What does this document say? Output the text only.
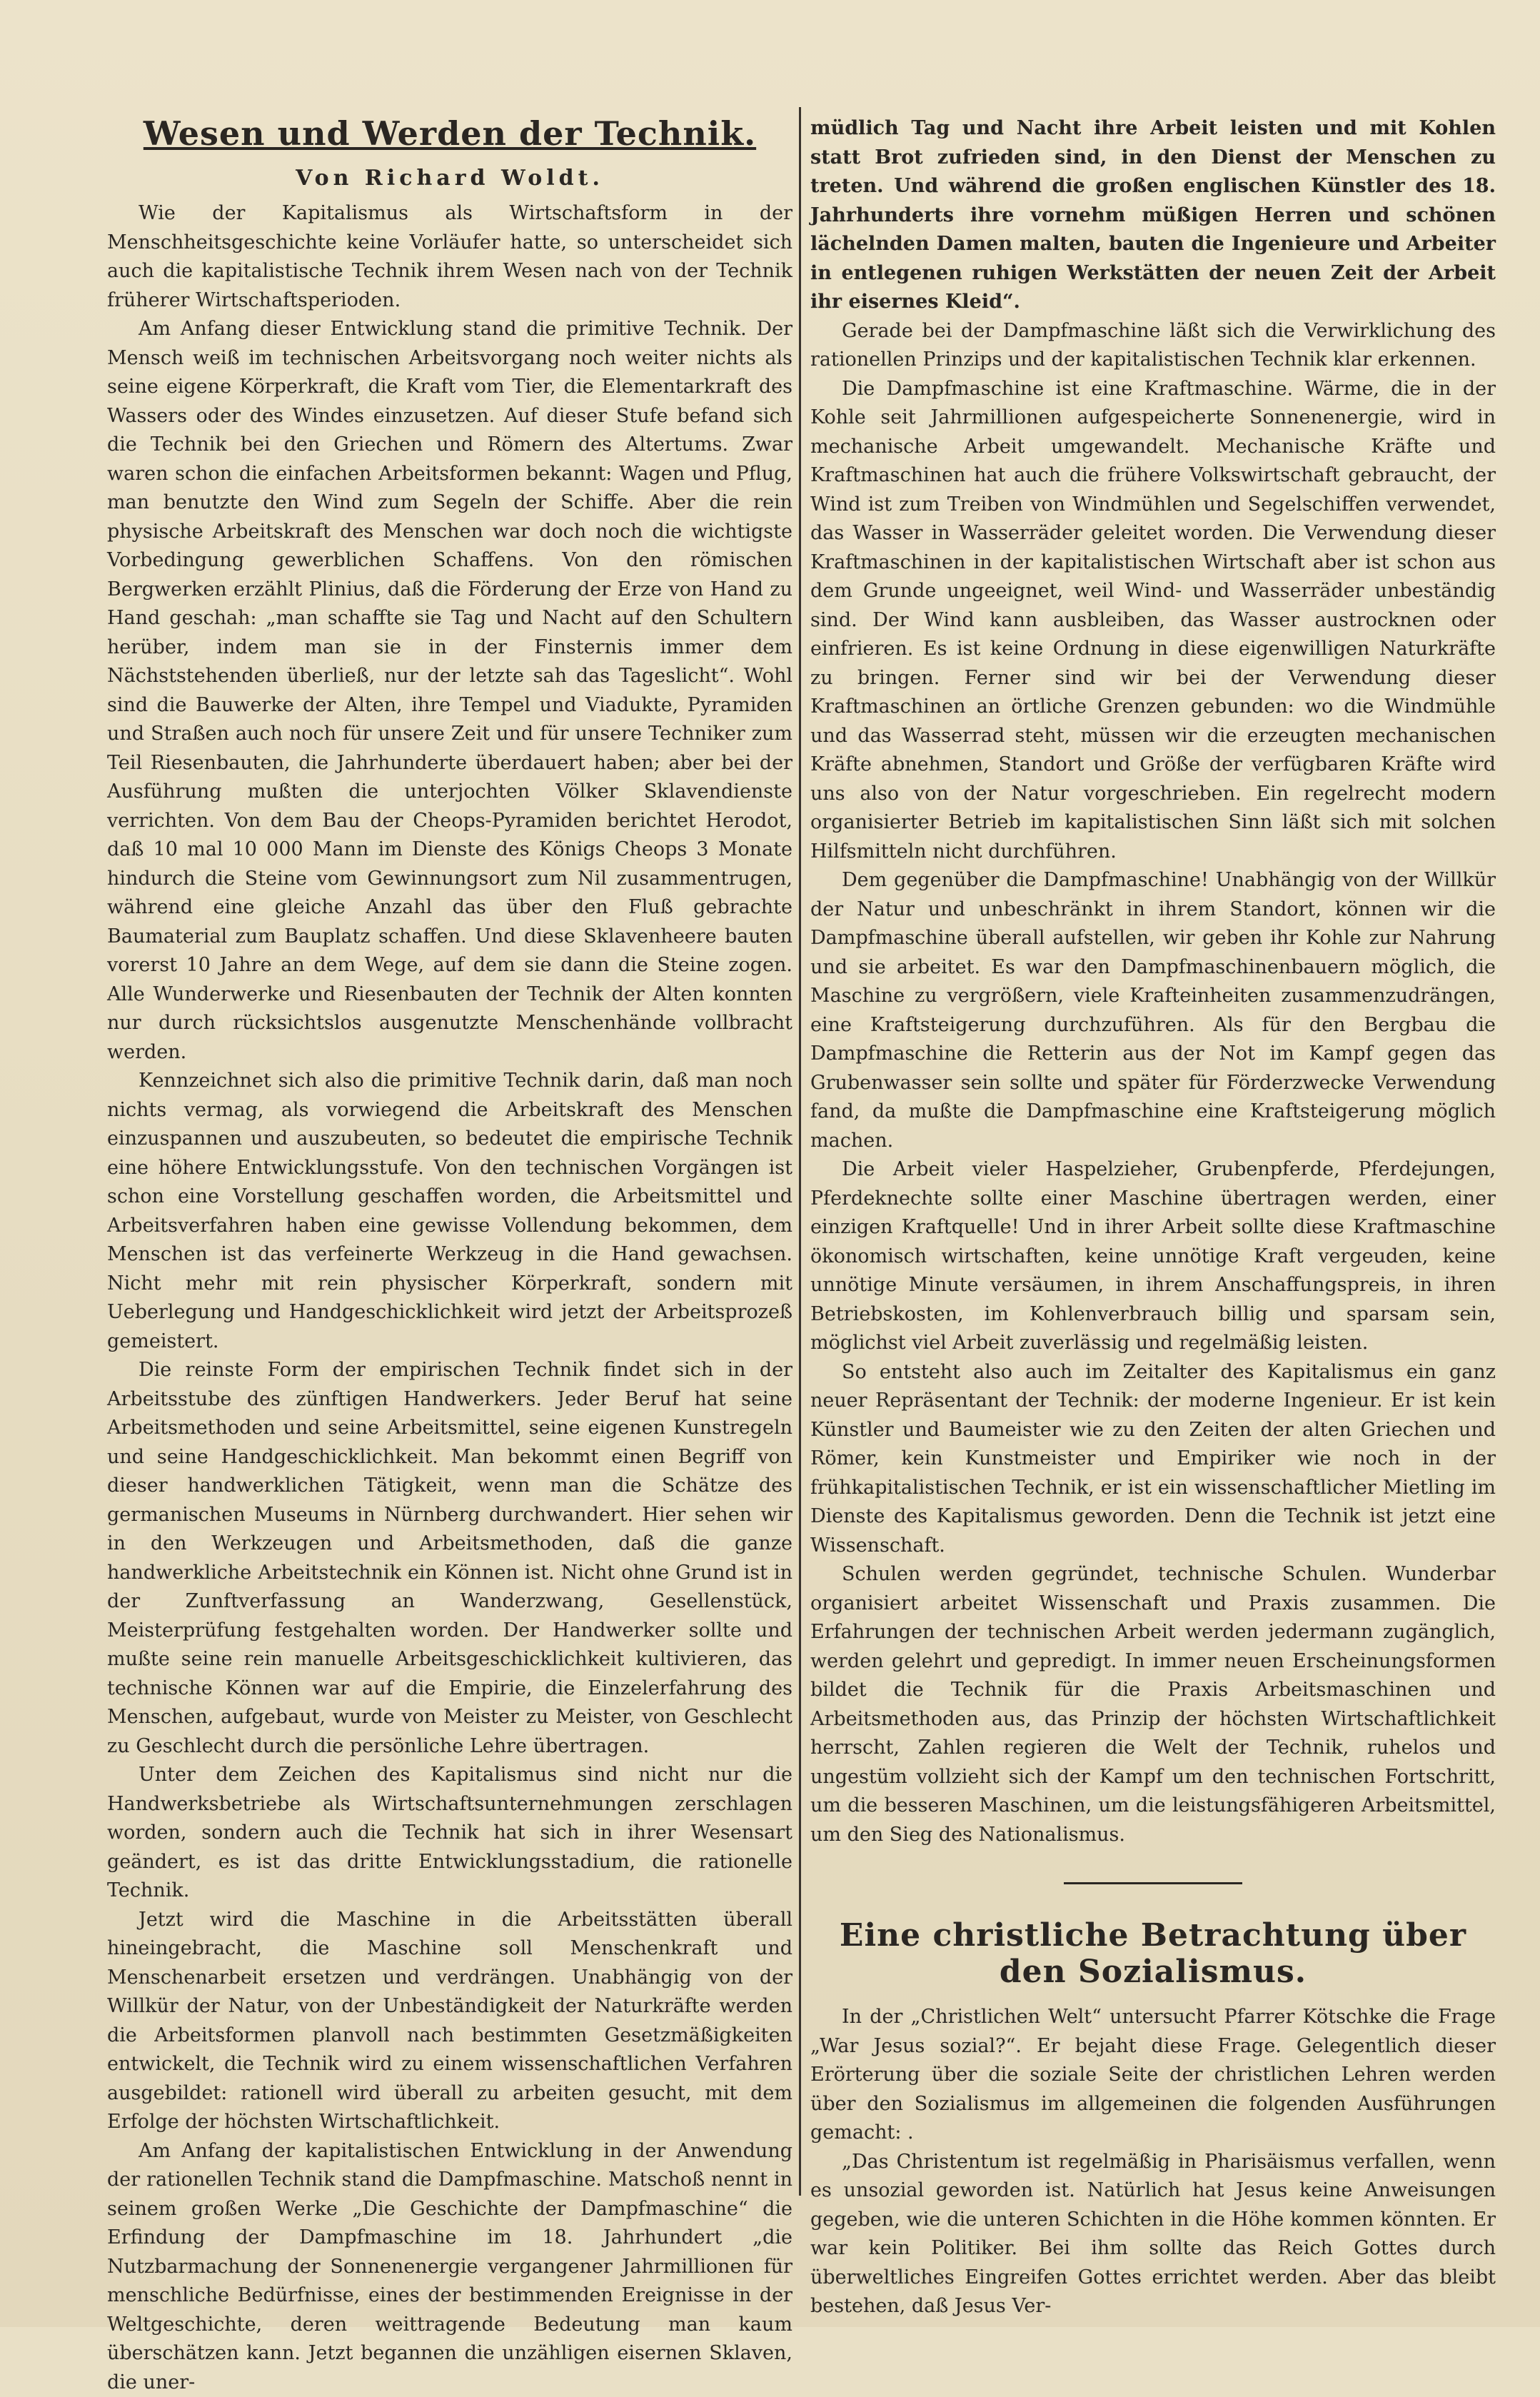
Wesen und Werden der Technik.
Von Richard Woldt.

Wie der Kapitalismus als Wirtschaftsform in der Menschheitsgeschichte keine Vorläufer hatte, so unterscheidet sich auch die kapitalistische Technik ihrem Wesen nach von der Technik früherer Wirtschaftsperioden.

Am Anfang dieser Entwicklung stand die primitive Technik. Der Mensch weiß im technischen Arbeitsvorgang noch weiter nichts als seine eigene Körperkraft, die Kraft vom Tier, die Elementarkraft des Wassers oder des Windes einzusetzen. Auf dieser Stufe befand sich die Technik bei den Griechen und Römern des Altertums. Zwar waren schon die einfachen Arbeitsformen bekannt: Wagen und Pflug, man benutzte den Wind zum Segeln der Schiffe. Aber die rein physische Arbeitskraft des Menschen war doch noch die wichtigste Vorbedingung gewerblichen Schaffens. Von den römischen Bergwerken erzählt Plinius, daß die Förderung der Erze von Hand zu Hand geschah: „man schaffte sie Tag und Nacht auf den Schultern herüber, indem man sie in der Finsternis immer dem Nächststehenden überließ, nur der letzte sah das Tageslicht“. Wohl sind die Bauwerke der Alten, ihre Tempel und Viadukte, Pyramiden und Straßen auch noch für unsere Zeit und für unsere Techniker zum Teil Riesenbauten, die Jahrhunderte überdauert haben; aber bei der Ausführung mußten die unterjochten Völker Sklavendienste verrichten. Von dem Bau der Cheops-Pyramiden berichtet Herodot, daß 10 mal 10 000 Mann im Dienste des Königs Cheops 3 Monate hindurch die Steine vom Gewinnungsort zum Nil zusammentrugen, während eine gleiche Anzahl das über den Fluß gebrachte Baumaterial zum Bauplatz schaffen. Und diese Sklavenheere bauten vorerst 10 Jahre an dem Wege, auf dem sie dann die Steine zogen. Alle Wunderwerke und Riesenbauten der Technik der Alten konnten nur durch rücksichtslos ausgenutzte Menschenhände vollbracht werden.

Kennzeichnet sich also die primitive Technik darin, daß man noch nichts vermag, als vorwiegend die Arbeitskraft des Menschen einzuspannen und auszubeuten, so bedeutet die empirische Technik eine höhere Entwicklungsstufe. Von den technischen Vorgängen ist schon eine Vorstellung geschaffen worden, die Arbeitsmittel und Arbeitsverfahren haben eine gewisse Vollendung bekommen, dem Menschen ist das verfeinerte Werkzeug in die Hand gewachsen. Nicht mehr mit rein physischer Körperkraft, sondern mit Ueberlegung und Handgeschicklichkeit wird jetzt der Arbeitsprozeß gemeistert.

Die reinste Form der empirischen Technik findet sich in der Arbeitsstube des zünftigen Handwerkers. Jeder Beruf hat seine Arbeitsmethoden und seine Arbeitsmittel, seine eigenen Kunstregeln und seine Handgeschicklichkeit. Man bekommt einen Begriff von dieser handwerklichen Tätigkeit, wenn man die Schätze des germanischen Museums in Nürnberg durchwandert. Hier sehen wir in den Werkzeugen und Arbeitsmethoden, daß die ganze handwerkliche Arbeitstechnik ein Können ist. Nicht ohne Grund ist in der Zunftverfassung an Wanderzwang, Gesellenstück, Meisterprüfung festgehalten worden. Der Handwerker sollte und mußte seine rein manuelle Arbeitsgeschicklichkeit kultivieren, das technische Können war auf die Empirie, die Einzelerfahrung des Menschen, aufgebaut, wurde von Meister zu Meister, von Geschlecht zu Geschlecht durch die persönliche Lehre übertragen.

Unter dem Zeichen des Kapitalismus sind nicht nur die Handwerksbetriebe als Wirtschaftsunternehmungen zerschlagen worden, sondern auch die Technik hat sich in ihrer Wesensart geändert, es ist das dritte Entwicklungsstadium, die rationelle Technik.

Jetzt wird die Maschine in die Arbeitsstätten überall hineingebracht, die Maschine soll Menschenkraft und Menschenarbeit ersetzen und verdrängen. Unabhängig von der Willkür der Natur, von der Unbeständigkeit der Naturkräfte werden die Arbeitsformen planvoll nach bestimmten Gesetzmäßigkeiten entwickelt, die Technik wird zu einem wissenschaftlichen Verfahren ausgebildet: rationell wird überall zu arbeiten gesucht, mit dem Erfolge der höchsten Wirtschaftlichkeit.

Am Anfang der kapitalistischen Entwicklung in der Anwendung der rationellen Technik stand die Dampfmaschine. Matschoß nennt in seinem großen Werke „Die Geschichte der Dampfmaschine“ die Erfindung der Dampfmaschine im 18. Jahrhundert „die Nutzbarmachung der Sonnenenergie vergangener Jahrmillionen für menschliche Bedürfnisse, eines der bestimmenden Ereignisse in der Weltgeschichte, deren weittragende Bedeutung man kaum überschätzen kann. Jetzt begannen die unzähligen eisernen Sklaven, die uner-

müdlich Tag und Nacht ihre Arbeit leisten und mit Kohlen statt Brot zufrieden sind, in den Dienst der Menschen zu treten. Und während die großen englischen Künstler des 18. Jahrhunderts ihre vornehm müßigen Herren und schönen lächelnden Damen malten, bauten die Ingenieure und Arbeiter in entlegenen ruhigen Werkstätten der neuen Zeit der Arbeit ihr eisernes Kleid“.

Gerade bei der Dampfmaschine läßt sich die Verwirklichung des rationellen Prinzips und der kapitalistischen Technik klar erkennen.

Die Dampfmaschine ist eine Kraftmaschine. Wärme, die in der Kohle seit Jahrmillionen aufgespeicherte Sonnenenergie, wird in mechanische Arbeit umgewandelt. Mechanische Kräfte und Kraftmaschinen hat auch die frühere Volkswirtschaft gebraucht, der Wind ist zum Treiben von Windmühlen und Segelschiffen verwendet, das Wasser in Wasserräder geleitet worden. Die Verwendung dieser Kraftmaschinen in der kapitalistischen Wirtschaft aber ist schon aus dem Grunde ungeeignet, weil Wind- und Wasserräder unbeständig sind. Der Wind kann ausbleiben, das Wasser austrocknen oder einfrieren. Es ist keine Ordnung in diese eigenwilligen Naturkräfte zu bringen. Ferner sind wir bei der Verwendung dieser Kraftmaschinen an örtliche Grenzen gebunden: wo die Windmühle und das Wasserrad steht, müssen wir die erzeugten mechanischen Kräfte abnehmen, Standort und Größe der verfügbaren Kräfte wird uns also von der Natur vorgeschrieben. Ein regelrecht modern organisierter Betrieb im kapitalistischen Sinn läßt sich mit solchen Hilfsmitteln nicht durchführen.

Dem gegenüber die Dampfmaschine! Unabhängig von der Willkür der Natur und unbeschränkt in ihrem Standort, können wir die Dampfmaschine überall aufstellen, wir geben ihr Kohle zur Nahrung und sie arbeitet. Es war den Dampfmaschinenbauern möglich, die Maschine zu vergrößern, viele Krafteinheiten zusammenzudrängen, eine Kraftsteigerung durchzuführen. Als für den Bergbau die Dampfmaschine die Retterin aus der Not im Kampf gegen das Grubenwasser sein sollte und später für Förderzwecke Verwendung fand, da mußte die Dampfmaschine eine Kraftsteigerung möglich machen.

Die Arbeit vieler Haspelzieher, Grubenpferde, Pferdejungen, Pferdeknechte sollte einer Maschine übertragen werden, einer einzigen Kraftquelle! Und in ihrer Arbeit sollte diese Kraftmaschine ökonomisch wirtschaften, keine unnötige Kraft vergeuden, keine unnötige Minute versäumen, in ihrem Anschaffungspreis, in ihren Betriebskosten, im Kohlenverbrauch billig und sparsam sein, möglichst viel Arbeit zuverlässig und regelmäßig leisten.

So entsteht also auch im Zeitalter des Kapitalismus ein ganz neuer Repräsentant der Technik: der moderne Ingenieur. Er ist kein Künstler und Baumeister wie zu den Zeiten der alten Griechen und Römer, kein Kunstmeister und Empiriker wie noch in der frühkapitalistischen Technik, er ist ein wissenschaftlicher Mietling im Dienste des Kapitalismus geworden. Denn die Technik ist jetzt eine Wissenschaft.

Schulen werden gegründet, technische Schulen. Wunderbar organisiert arbeitet Wissenschaft und Praxis zusammen. Die Erfahrungen der technischen Arbeit werden jedermann zugänglich, werden gelehrt und gepredigt. In immer neuen Erscheinungsformen bildet die Technik für die Praxis Arbeitsmaschinen und Arbeitsmethoden aus, das Prinzip der höchsten Wirtschaftlichkeit herrscht, Zahlen regieren die Welt der Technik, ruhelos und ungestüm vollzieht sich der Kampf um den technischen Fortschritt, um die besseren Maschinen, um die leistungsfähigeren Arbeitsmittel, um den Sieg des Nationalismus.

Eine christliche Betrachtung über den Sozialismus.

In der „Christlichen Welt“ untersucht Pfarrer Kötschke die Frage „War Jesus sozial?“. Er bejaht diese Frage. Gelegentlich dieser Erörterung über die soziale Seite der christlichen Lehren werden über den Sozialismus im allgemeinen die folgenden Ausführungen gemacht: .

„Das Christentum ist regelmäßig in Pharisäismus verfallen, wenn es unsozial geworden ist. Natürlich hat Jesus keine Anweisungen gegeben, wie die unteren Schichten in die Höhe kommen könnten. Er war kein Politiker. Bei ihm sollte das Reich Gottes durch überweltliches Eingreifen Gottes errichtet werden. Aber das bleibt bestehen, daß Jesus Ver-
